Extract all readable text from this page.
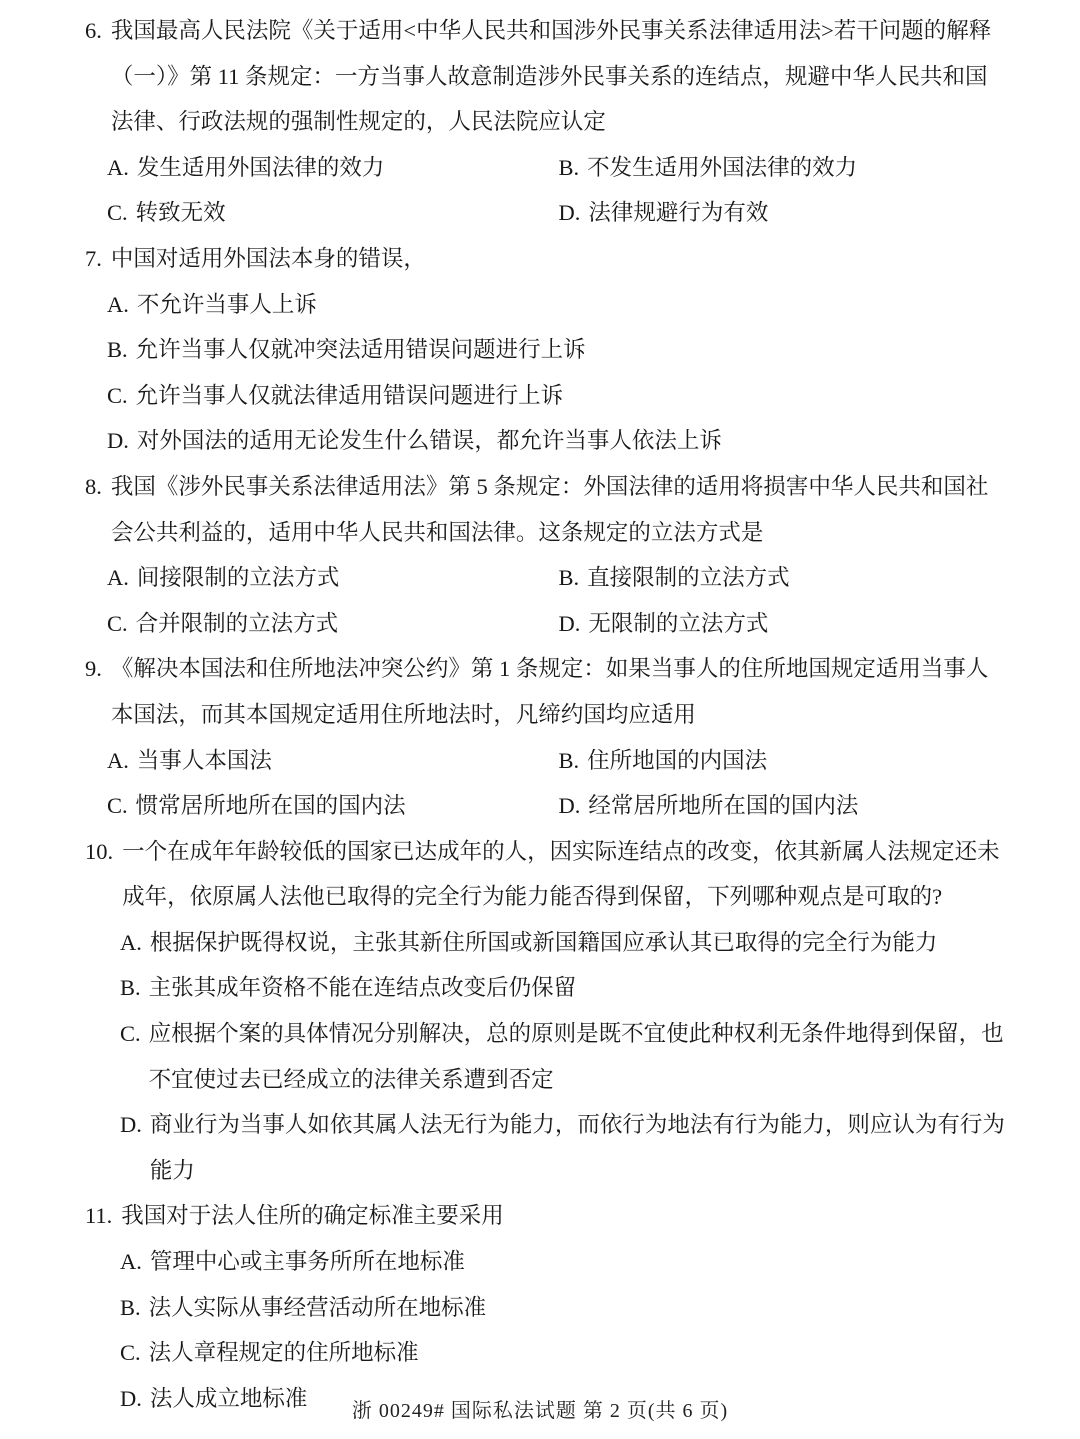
6. 我国最高人民法院《关于适用<中华人民共和国涉外民事关系法律适用法>若干问题的解释（一）》第 11 条规定：一方当事人故意制造涉外民事关系的连结点，规避中华人民共和国法律、行政法规的强制性规定的，人民法院应认定
A. 发生适用外国法律的效力	B. 不发生适用外国法律的效力
C. 转致无效	D. 法律规避行为有效
7. 中国对适用外国法本身的错误，
A. 不允许当事人上诉
B. 允许当事人仅就冲突法适用错误问题进行上诉
C. 允许当事人仅就法律适用错误问题进行上诉
D. 对外国法的适用无论发生什么错误，都允许当事人依法上诉
8. 我国《涉外民事关系法律适用法》第 5 条规定：外国法律的适用将损害中华人民共和国社会公共利益的，适用中华人民共和国法律。这条规定的立法方式是
A. 间接限制的立法方式	B. 直接限制的立法方式
C. 合并限制的立法方式	D. 无限制的立法方式
9. 《解决本国法和住所地法冲突公约》第 1 条规定：如果当事人的住所地国规定适用当事人本国法，而其本国规定适用住所地法时，凡缔约国均应适用
A. 当事人本国法	B. 住所地国的内国法
C. 惯常居所地所在国的国内法	D. 经常居所地所在国的国内法
10. 一个在成年年龄较低的国家已达成年的人，因实际连结点的改变，依其新属人法规定还未成年，依原属人法他已取得的完全行为能力能否得到保留，下列哪种观点是可取的?
A. 根据保护既得权说，主张其新住所国或新国籍国应承认其已取得的完全行为能力
B. 主张其成年资格不能在连结点改变后仍保留
C. 应根据个案的具体情况分别解决，总的原则是既不宜使此种权利无条件地得到保留，也不宜使过去已经成立的法律关系遭到否定
D. 商业行为当事人如依其属人法无行为能力，而依行为地法有行为能力，则应认为有行为能力
11. 我国对于法人住所的确定标准主要采用
A. 管理中心或主事务所所在地标准
B. 法人实际从事经营活动所在地标准
C. 法人章程规定的住所地标准
D. 法人成立地标准
浙 00249# 国际私法试题 第 2 页(共 6 页)
